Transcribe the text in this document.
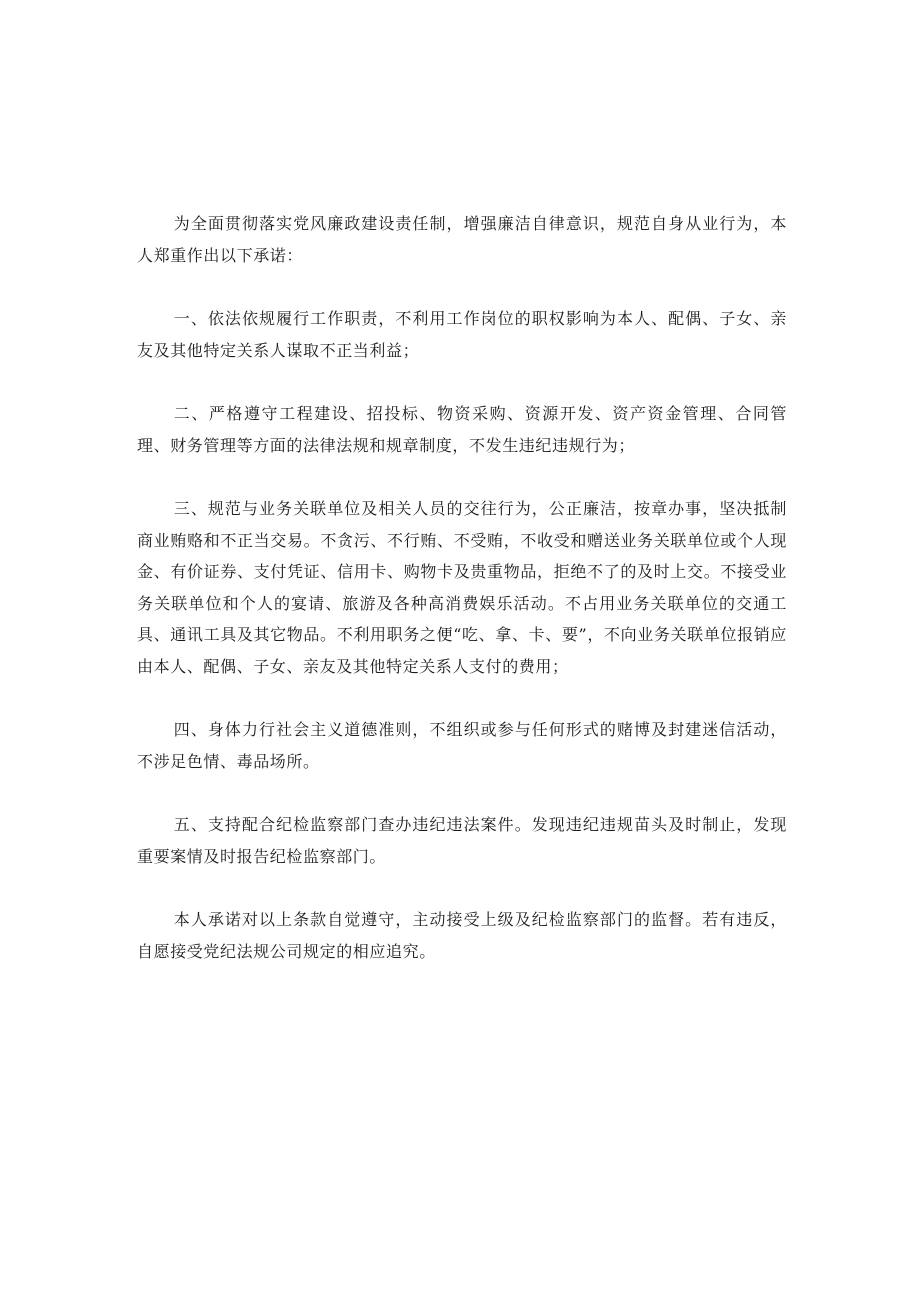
为全面贯彻落实党风廉政建设责任制，增强廉洁自律意识，规范自身从业行为，本人郑重作出以下承诺：

一、依法依规履行工作职责，不利用工作岗位的职权影响为本人、配偶、子女、亲友及其他特定关系人谋取不正当利益；

二、严格遵守工程建设、招投标、物资采购、资源开发、资产资金管理、合同管理、财务管理等方面的法律法规和规章制度，不发生违纪违规行为；

三、规范与业务关联单位及相关人员的交往行为，公正廉洁，按章办事，坚决抵制商业贿赂和不正当交易。不贪污、不行贿、不受贿，不收受和赠送业务关联单位或个人现金、有价证券、支付凭证、信用卡、购物卡及贵重物品，拒绝不了的及时上交。不接受业务关联单位和个人的宴请、旅游及各种高消费娱乐活动。不占用业务关联单位的交通工具、通讯工具及其它物品。不利用职务之便“吃、拿、卡、要”，不向业务关联单位报销应由本人、配偶、子女、亲友及其他特定关系人支付的费用；

四、身体力行社会主义道德准则，不组织或参与任何形式的赌博及封建迷信活动，不涉足色情、毒品场所。

五、支持配合纪检监察部门查办违纪违法案件。发现违纪违规苗头及时制止，发现重要案情及时报告纪检监察部门。

本人承诺对以上条款自觉遵守，主动接受上级及纪检监察部门的监督。若有违反，自愿接受党纪法规公司规定的相应追究。
